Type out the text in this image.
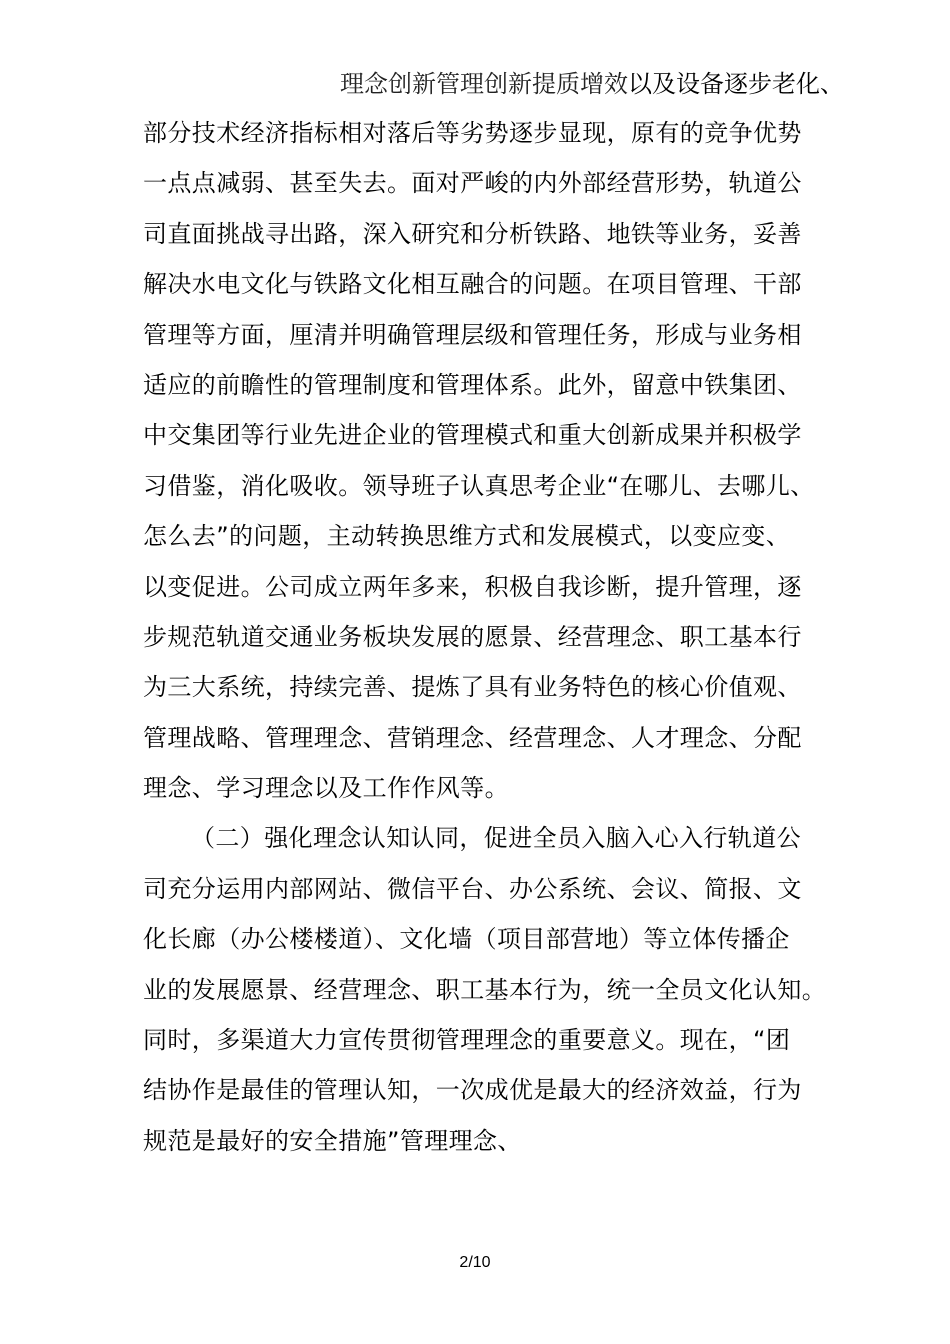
理念创新管理创新提质增效以及设备逐步老化、
部分技术经济指标相对落后等劣势逐步显现，原有的竞争优势
一点点减弱、甚至失去。面对严峻的内外部经营形势，轨道公
司直面挑战寻出路，深入研究和分析铁路、地铁等业务，妥善
解决水电文化与铁路文化相互融合的问题。在项目管理、干部
管理等方面，厘清并明确管理层级和管理任务，形成与业务相
适应的前瞻性的管理制度和管理体系。此外，留意中铁集团、
中交集团等行业先进企业的管理模式和重大创新成果并积极学
习借鉴，消化吸收。领导班子认真思考企业“在哪儿、去哪儿、
怎么去”的问题，主动转换思维方式和发展模式，以变应变、
以变促进。公司成立两年多来，积极自我诊断，提升管理，逐
步规范轨道交通业务板块发展的愿景、经营理念、职工基本行
为三大系统，持续完善、提炼了具有业务特色的核心价值观、
管理战略、管理理念、营销理念、经营理念、人才理念、分配
理念、学习理念以及工作作风等。
（二）强化理念认知认同，促进全员入脑入心入行轨道公
司充分运用内部网站、微信平台、办公系统、会议、简报、文
化长廊（办公楼楼道）、文化墙（项目部营地）等立体传播企
业的发展愿景、经营理念、职工基本行为，统一全员文化认知。
同时，多渠道大力宣传贯彻管理理念的重要意义。现在，“团
结协作是最佳的管理认知，一次成优是最大的经济效益，行为
规范是最好的安全措施”管理理念、
2/10
